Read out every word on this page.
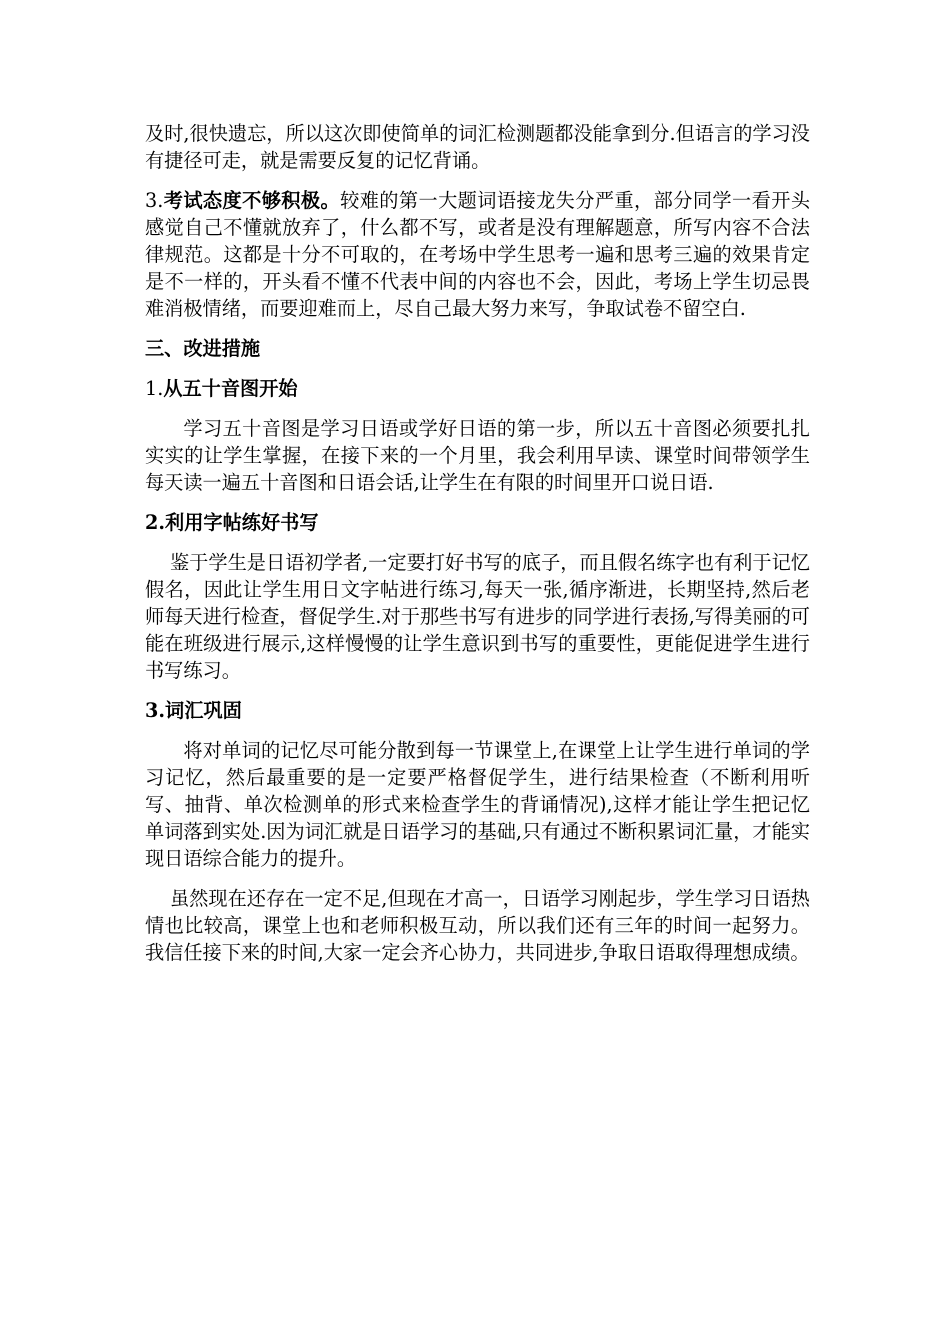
及时,很快遗忘，所以这次即使简单的词汇检测题都没能拿到分.但语言的学习没有捷径可走，就是需要反复的记忆背诵。

3.考试态度不够积极。较难的第一大题词语接龙失分严重，部分同学一看开头感觉自己不懂就放弃了，什么都不写，或者是没有理解题意，所写内容不合法律规范。这都是十分不可取的，在考场中学生思考一遍和思考三遍的效果肯定是不一样的，开头看不懂不代表中间的内容也不会，因此，考场上学生切忌畏难消极情绪，而要迎难而上，尽自己最大努力来写，争取试卷不留空白.

三、改进措施

1.从五十音图开始

学习五十音图是学习日语或学好日语的第一步，所以五十音图必须要扎扎实实的让学生掌握，在接下来的一个月里，我会利用早读、课堂时间带领学生每天读一遍五十音图和日语会话,让学生在有限的时间里开口说日语.

2.利用字帖练好书写

鉴于学生是日语初学者,一定要打好书写的底子，而且假名练字也有利于记忆假名，因此让学生用日文字帖进行练习,每天一张,循序渐进，长期坚持,然后老师每天进行检查，督促学生.对于那些书写有进步的同学进行表扬,写得美丽的可能在班级进行展示,这样慢慢的让学生意识到书写的重要性，更能促进学生进行书写练习。

3.词汇巩固

将对单词的记忆尽可能分散到每一节课堂上,在课堂上让学生进行单词的学习记忆，然后最重要的是一定要严格督促学生，进行结果检查（不断利用听写、抽背、单次检测单的形式来检查学生的背诵情况),这样才能让学生把记忆单词落到实处.因为词汇就是日语学习的基础,只有通过不断积累词汇量，才能实现日语综合能力的提升。

虽然现在还存在一定不足,但现在才高一，日语学习刚起步，学生学习日语热情也比较高，课堂上也和老师积极互动，所以我们还有三年的时间一起努力。我信任接下来的时间,大家一定会齐心协力，共同进步,争取日语取得理想成绩。
